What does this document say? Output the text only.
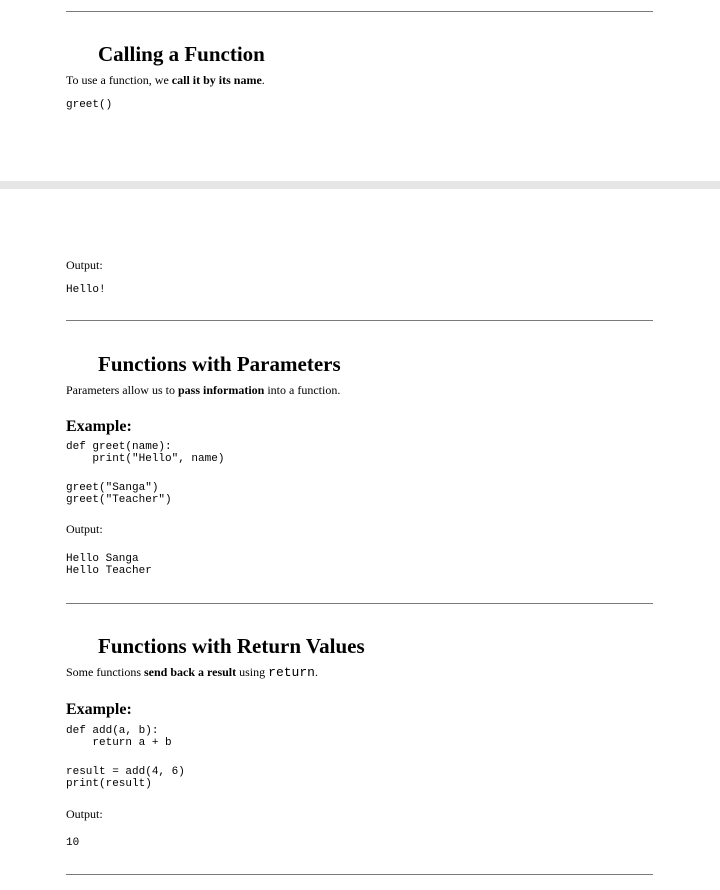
Calling a Function

To use a function, we call it by its name.

greet()

Output:

Hello!
Functions with Parameters

Parameters allow us to pass information into a function.

Example:
def greet(name):
print("Hello", name)
greet("Sanga")
greet("Teacher")

Output:

Hello Sanga
Hello Teacher
Functions with Return Values

Some functions send back a result using return.

Example:
def add(a, b):
return a + b
result = add(4, 6)
print(result)

Output:

10
